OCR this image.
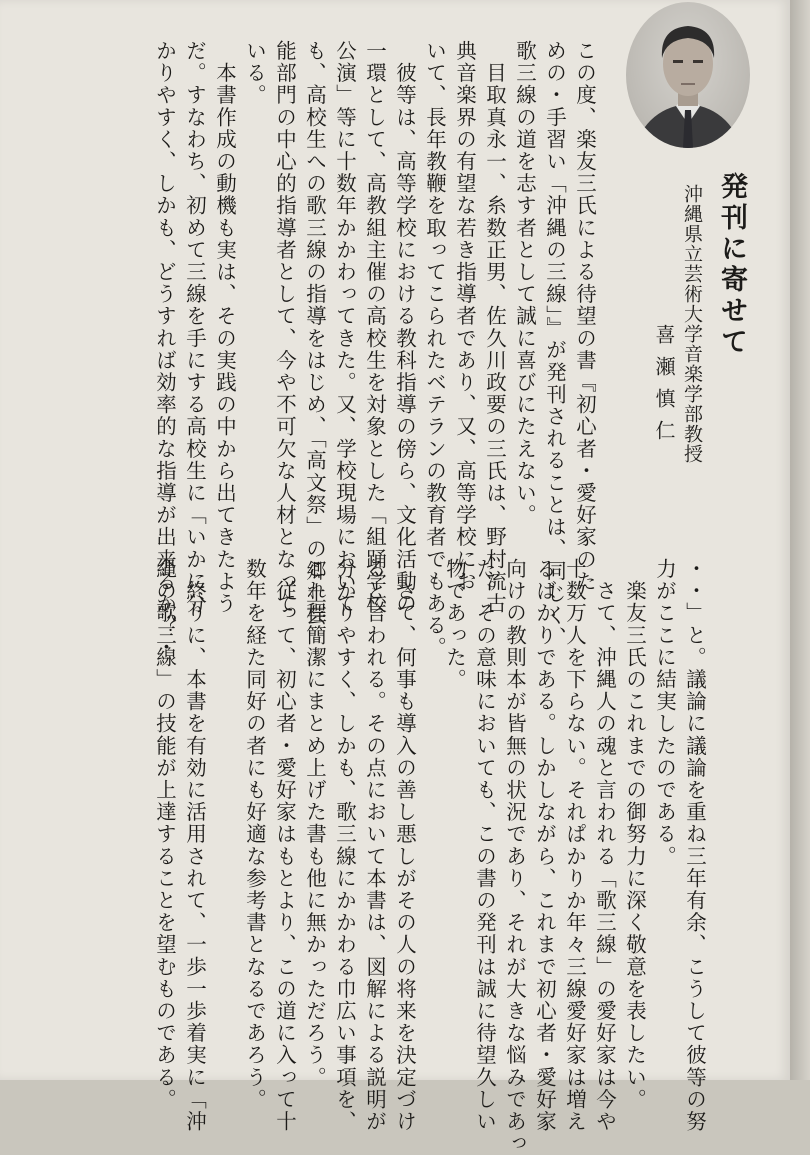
発刊に寄せて
沖縄県立芸術大学音楽学部教授
喜瀬慎仁
この度、楽友三氏による待望の書『初心者・愛好家のた
めの・手習い「沖縄の三線」』が発刊されることは、同じく、
歌三線の道を志す者として誠に喜びにたえない。
　目取真永一、糸数正男、佐久川政要の三氏は、野村流古
典音楽界の有望な若き指導者であり、又、高等学校にお
いて、長年教鞭を取ってこられたベテランの教育者でもある。
　彼等は、高等学校における教科指導の傍ら、文化活動の
一環として、高教組主催の高校生を対象とした「組踊学校
公演」等に十数年かかわってきた。又、学校現場において
も、高校生への歌三線の指導をはじめ、「高文祭」の郷土芸
能部門の中心的指導者として、今や不可欠な人材となって
いる。
　本書作成の動機も実は、その実践の中から出てきたよう
だ。すなわち、初めて三線を手にする高校生に「いかに分
かりやすく、しかも、どうすれば効率的な指導が出来るか？・
・・」と。議論に議論を重ね三年有余、こうして彼等の努
力がここに結実したのである。
　楽友三氏のこれまでの御努力に深く敬意を表したい。
　さて、沖縄人の魂と言われる「歌三線」の愛好家は今や
十数万人を下らない。それぱかりか年々三線愛好家は増え
るばかりである。しかしながら、これまで初心者・愛好家
向けの教則本が皆無の状況であり、それが大きな悩みであっ
た。その意味においても、この書の発刊は誠に待望久しい
物であった。
　さて、何事も導入の善し悪しがその人の将来を決定づけ
ると言われる。その点において本書は、図解による説明が
分かりやすく、しかも、歌三線にかかわる巾広い事項を、
これ程簡潔にまとめ上げた書も他に無かっただろう。
　従って、初心者・愛好家はもとより、この道に入って十
数年を経た同好の者にも好適な参考書となるであろう。
　終りに、本書を有効に活用されて、一歩一歩着実に「沖
縄の歌三線」の技能が上達することを望むものである。
